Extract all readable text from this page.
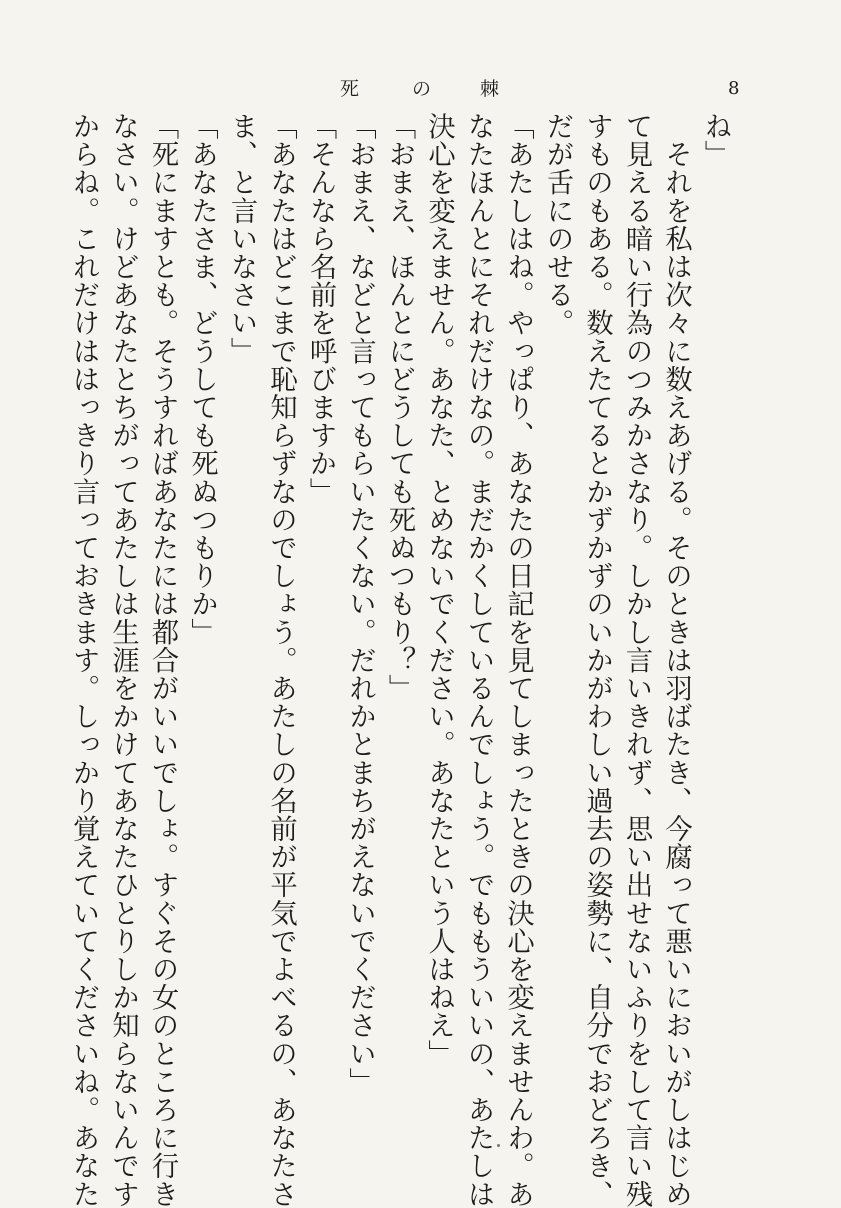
死	の 棘	8

ね」

　それを私は次々に数えあげる。そのときは羽ばたき、今腐って悪いにおいがしはじめ

て見える暗い行為のつみかさなり。しかし言いきれず、思い出せないふりをして言い残

すものもある。数えたてるとかずかずのいかがわしい過去の姿勢に、自分でおどろき、

だが舌にのせる。

「あたしはね。やっぱり、あなたの日記を見てしまったときの決心を変えませんわ。あ

なたほんとにそれだけなの。まだかくしているんでしょう。でももういいの、あたしは

決心を変えません。あなた、とめないでください。あなたという人はねえ」

「おまえ、ほんとにどうしても死ぬつもり？」

「おまえ、などと言ってもらいたくない。だれかとまちがえないでください」

「そんなら名前を呼びますか」

「あなたはどこまで恥知らずなのでしょう。あたしの名前が平気でよべるの、あなたさ

ま、と言いなさい」

「あなたさま、どうしても死ぬつもりか」

「死にますとも。そうすればあなたには都合がいいでしょ。すぐその女のところに行き

なさい。けどあなたとちがってあたしは生涯をかけてあなたひとりしか知らないんです

からね。これだけははっきり言っておきます。しっかり覚えていてくださいね。あなた
